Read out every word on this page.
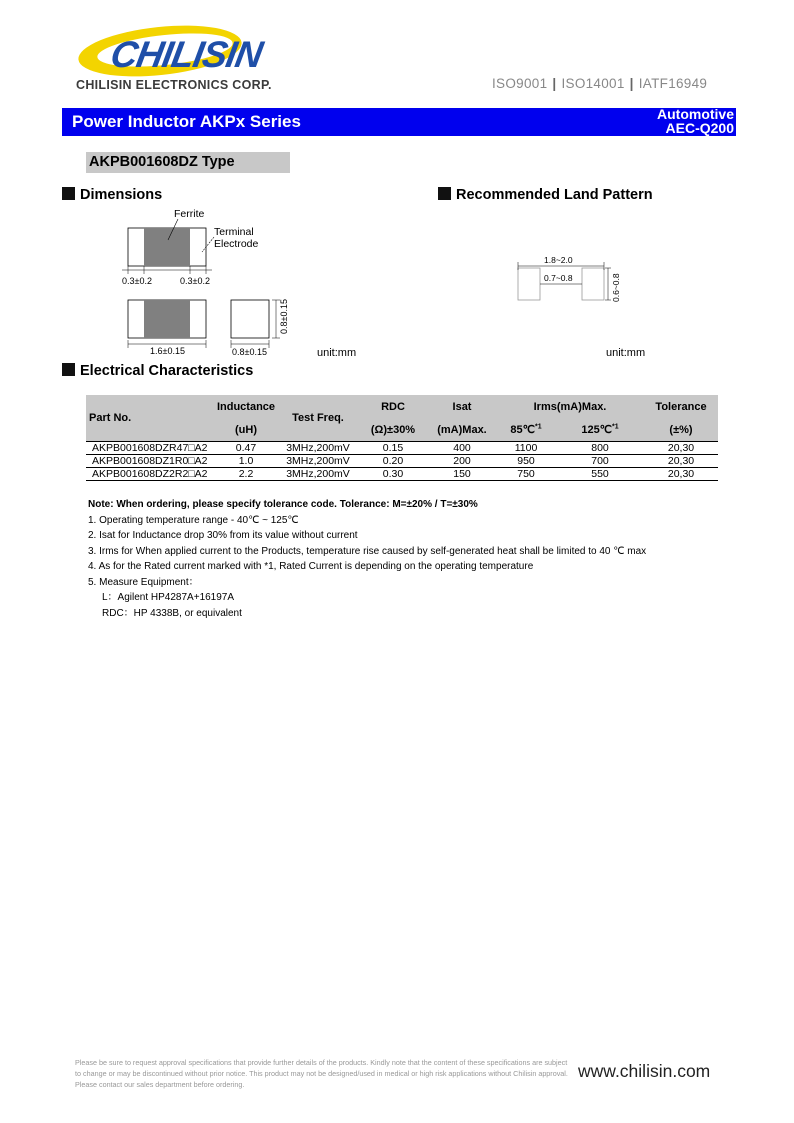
CHILISIN
CHILISIN ELECTRONICS CORP.	ISO9001 | ISO14001 | IATF16949
Power Inductor AKPx Series	Automotive
AEC-Q200
AKPB001608DZ Type
Dimensions	Recommended Land Pattern
Ferrite
Terminal
Electrode
0.3±0.2	0.3±0.2
1.6±0.15	0.8±0.15
0.8±0.15
unit:mm
1.8~2.0
0.7~0.8	0.6~0.8
unit:mm
Electrical Characteristics
Part No.	Inductance	Test Freq.	RDC	Isat	Irms(mA)Max.		Tolerance
	(uH)		(Ω)±30%	(mA)Max.	85℃$^{*1}$	125℃$^{*1}$	(±%)
AKPB001608DZR47□A2	0.47	3MHz,200mV	0.15	400	1100	800	20,30
AKPB001608DZ1R0□A2	1.0	3MHz,200mV	0.20	200	950	700	20,30
AKPB001608DZ2R2□A2	2.2	3MHz,200mV	0.30	150	750	550	20,30
Note: When ordering, please specify tolerance code. Tolerance: M=±20% / T=±30%
1. Operating temperature range - 40℃ ~ 125℃
2. Isat for Inductance drop 30% from its value without current
3. Irms for When applied current to the Products, temperature rise caused by self-generated heat shall be limited to 40 ℃ max
4. As for the Rated current marked with *1, Rated Current is depending on the operating temperature
5. Measure Equipment：
L：Agilent HP4287A+16197A
RDC：HP 4338B, or equivalent
Please be sure to request approval specifications that provide further details of the products. Kindly note that the content of these specifications are subject to change or may be discontinued without prior notice. This product may not be designed/used in medical or high risk applications without Chilisin approval. Please contact our sales department before ordering.
www.chilisin.com
